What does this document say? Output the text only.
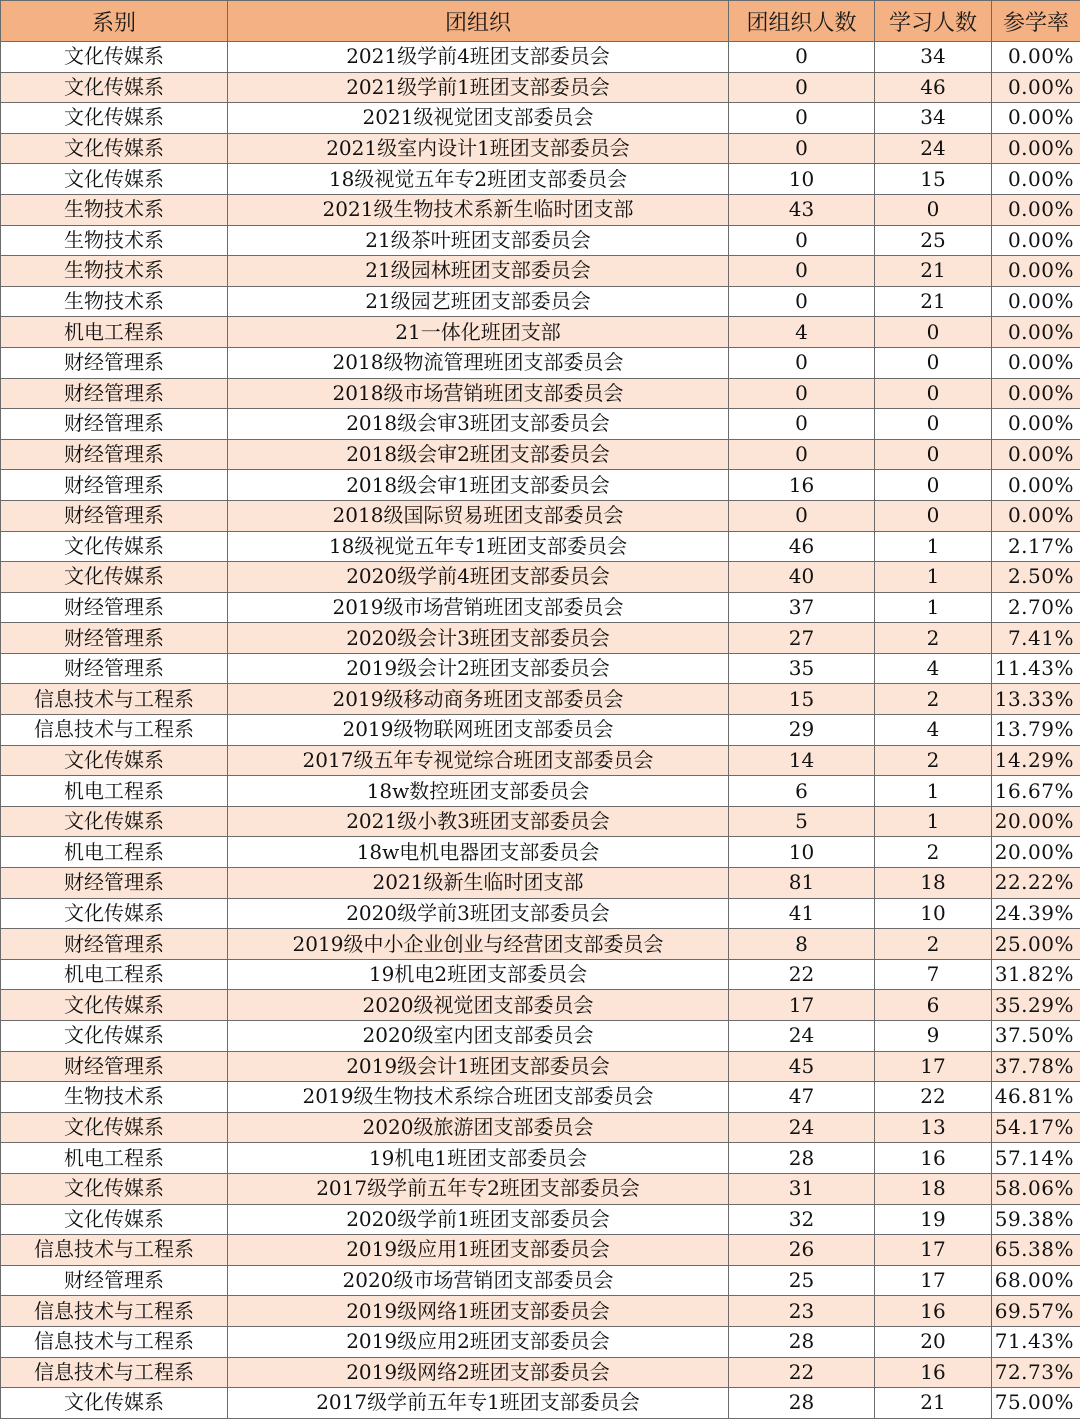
系别	团组织	团组织人数	学习人数	参学率
文化传媒系	2021级学前4班团支部委员会	0	34	0.00%
文化传媒系	2021级学前1班团支部委员会	0	46	0.00%
文化传媒系	2021级视觉团支部委员会	0	34	0.00%
文化传媒系	2021级室内设计1班团支部委员会	0	24	0.00%
文化传媒系	18级视觉五年专2班团支部委员会	10	15	0.00%
生物技术系	2021级生物技术系新生临时团支部	43	0	0.00%
生物技术系	21级茶叶班团支部委员会	0	25	0.00%
生物技术系	21级园林班团支部委员会	0	21	0.00%
生物技术系	21级园艺班团支部委员会	0	21	0.00%
机电工程系	21一体化班团支部	4	0	0.00%
财经管理系	2018级物流管理班团支部委员会	0	0	0.00%
财经管理系	2018级市场营销班团支部委员会	0	0	0.00%
财经管理系	2018级会审3班团支部委员会	0	0	0.00%
财经管理系	2018级会审2班团支部委员会	0	0	0.00%
财经管理系	2018级会审1班团支部委员会	16	0	0.00%
财经管理系	2018级国际贸易班团支部委员会	0	0	0.00%
文化传媒系	18级视觉五年专1班团支部委员会	46	1	2.17%
文化传媒系	2020级学前4班团支部委员会	40	1	2.50%
财经管理系	2019级市场营销班团支部委员会	37	1	2.70%
财经管理系	2020级会计3班团支部委员会	27	2	7.41%
财经管理系	2019级会计2班团支部委员会	35	4	11.43%
信息技术与工程系	2019级移动商务班团支部委员会	15	2	13.33%
信息技术与工程系	2019级物联网班团支部委员会	29	4	13.79%
文化传媒系	2017级五年专视觉综合班团支部委员会	14	2	14.29%
机电工程系	18w数控班团支部委员会	6	1	16.67%
文化传媒系	2021级小教3班团支部委员会	5	1	20.00%
机电工程系	18w电机电器团支部委员会	10	2	20.00%
财经管理系	2021级新生临时团支部	81	18	22.22%
文化传媒系	2020级学前3班团支部委员会	41	10	24.39%
财经管理系	2019级中小企业创业与经营团支部委员会	8	2	25.00%
机电工程系	19机电2班团支部委员会	22	7	31.82%
文化传媒系	2020级视觉团支部委员会	17	6	35.29%
文化传媒系	2020级室内团支部委员会	24	9	37.50%
财经管理系	2019级会计1班团支部委员会	45	17	37.78%
生物技术系	2019级生物技术系综合班团支部委员会	47	22	46.81%
文化传媒系	2020级旅游团支部委员会	24	13	54.17%
机电工程系	19机电1班团支部委员会	28	16	57.14%
文化传媒系	2017级学前五年专2班团支部委员会	31	18	58.06%
文化传媒系	2020级学前1班团支部委员会	32	19	59.38%
信息技术与工程系	2019级应用1班团支部委员会	26	17	65.38%
财经管理系	2020级市场营销团支部委员会	25	17	68.00%
信息技术与工程系	2019级网络1班团支部委员会	23	16	69.57%
信息技术与工程系	2019级应用2班团支部委员会	28	20	71.43%
信息技术与工程系	2019级网络2班团支部委员会	22	16	72.73%
文化传媒系	2017级学前五年专1班团支部委员会	28	21	75.00%
